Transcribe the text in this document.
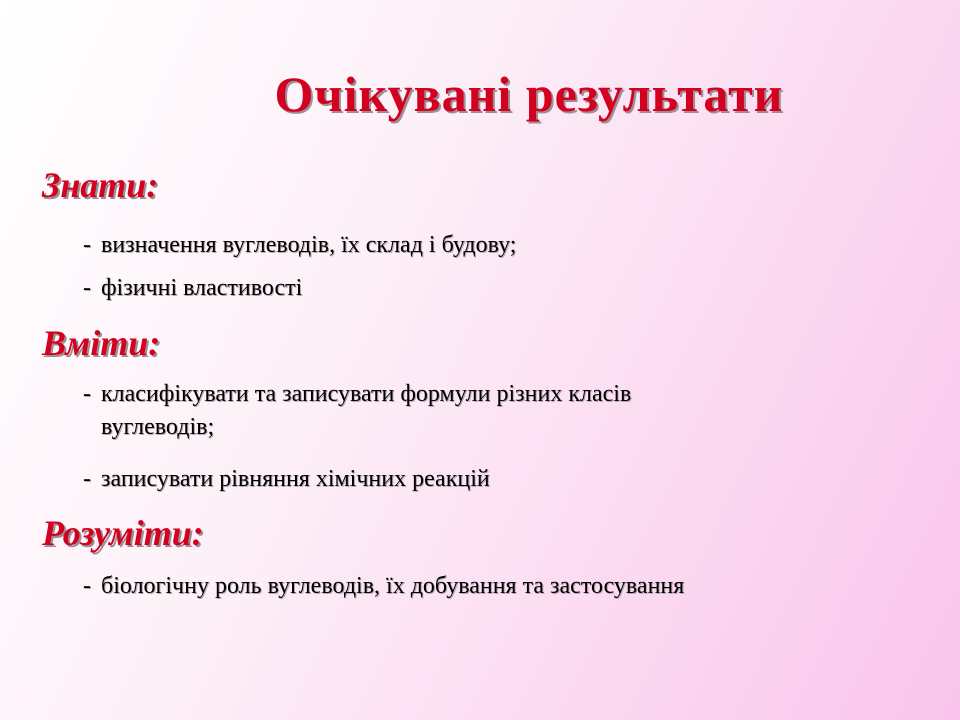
Очікувані результати
Знати:

- визначення вуглеводів, їх склад і будову;

- фізичні властивості

Вміти:

- класифікувати та записувати формули різних класів
вуглеводів;

- записувати рівняння хімічних реакцій

Розуміти:

- біологічну роль вуглеводів, їх добування та застосування
